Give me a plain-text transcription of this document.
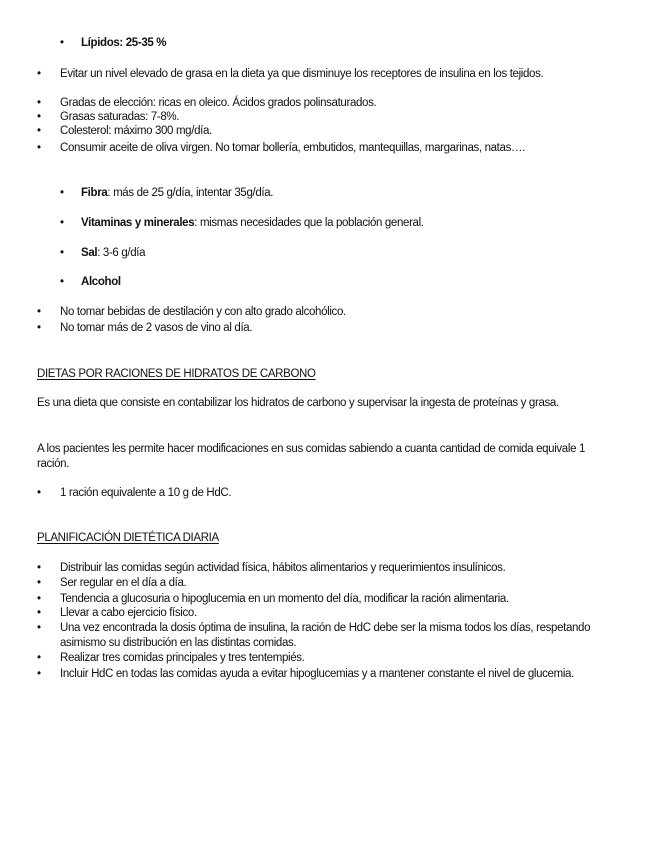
• Lípidos: 25-35 %
• Evitar un nivel elevado de grasa en la dieta ya que disminuye los receptores de insulina en los tejidos.
• Gradas de elección: ricas en oleico. Ácidos grados polinsaturados.
• Grasas saturadas: 7-8%.
• Colesterol: máximo 300 mg/día.
• Consumir aceite de oliva virgen. No tomar bollería, embutidos, mantequillas, margarinas, natas….
• Fibra: más de 25 g/día, intentar 35g/día.
• Vitaminas y minerales: mismas necesidades que la población general.
• Sal: 3-6 g/día
• Alcohol
• No tomar bebidas de destilación y con alto grado alcohólico.
• No tomar más de 2 vasos de vino al día.
DIETAS POR RACIONES DE HIDRATOS DE CARBONO
Es una dieta que consiste en contabilizar los hidratos de carbono y supervisar la ingesta de proteínas y grasa.
A los pacientes les permite hacer modificaciones en sus comidas sabiendo a cuanta cantidad de comida equivale 1 ración.
• 1 ración equivalente a 10 g de HdC.
PLANIFICACIÓN DIETÉTICA DIARIA
• Distribuir las comidas según actividad física, hábitos alimentarios y requerimientos insulínicos.
• Ser regular en el día a día.
• Tendencia a glucosuria o hipoglucemia en un momento del día, modificar la ración alimentaria.
• Llevar a cabo ejercicio físico.
• Una vez encontrada la dosis óptima de insulina, la ración de HdC debe ser la misma todos los días, respetando asimismo su distribución en las distintas comidas.
• Realizar tres comidas principales y tres tentempiés.
• Incluir HdC en todas las comidas ayuda a evitar hipoglucemias y a mantener constante el nivel de glucemia.
